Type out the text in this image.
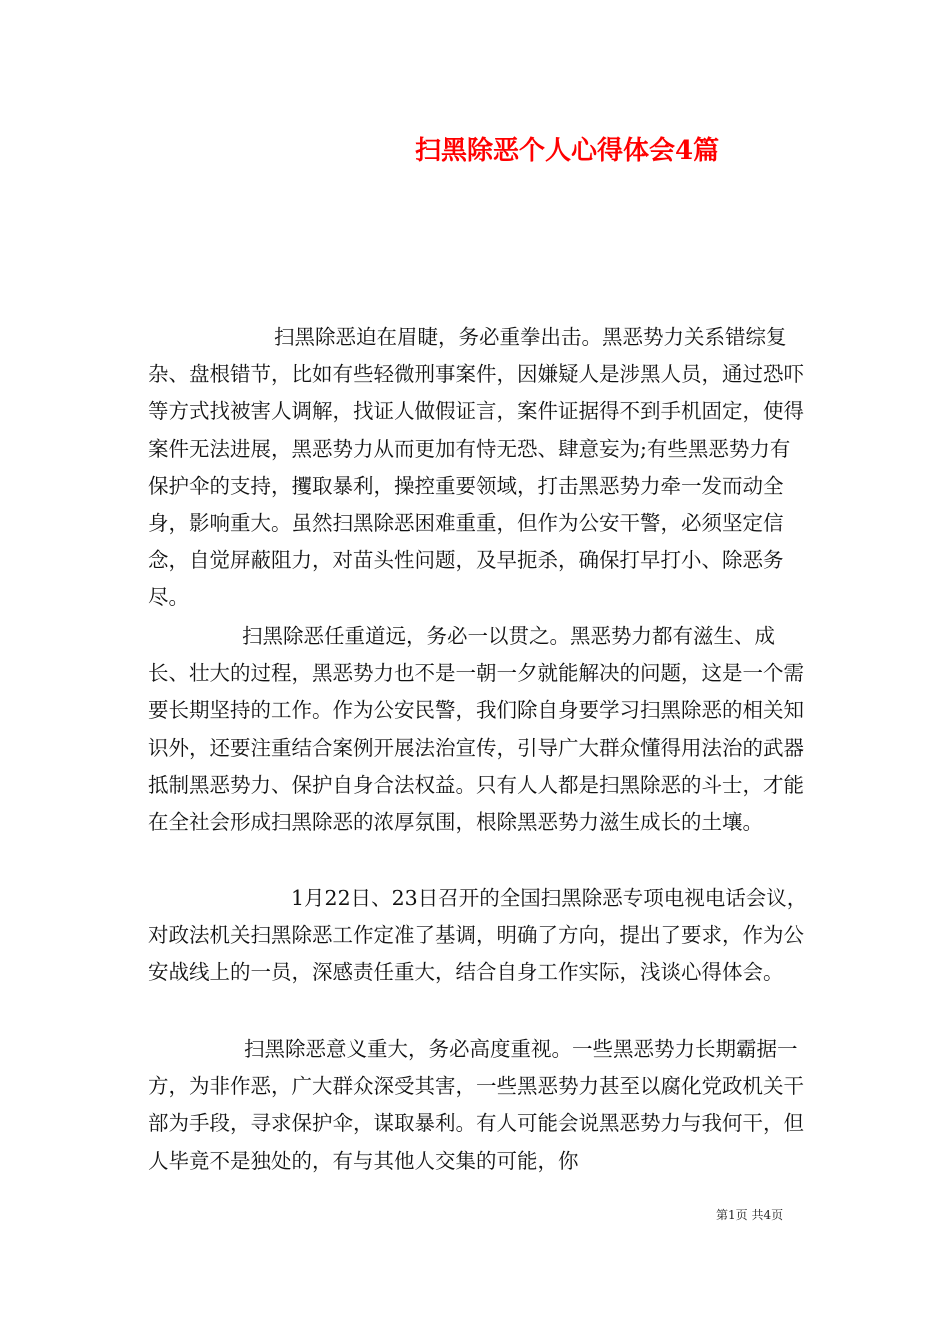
扫黑除恶个人心得体会4篇

扫黑除恶迫在眉睫，务必重拳出击。黑恶势力关系错综复杂、盘根错节，比如有些轻微刑事案件，因嫌疑人是涉黑人员，通过恐吓等方式找被害人调解，找证人做假证言，案件证据得不到手机固定，使得案件无法进展，黑恶势力从而更加有恃无恐、肆意妄为;有些黑恶势力有保护伞的支持，攫取暴利，操控重要领域，打击黑恶势力牵一发而动全身，影响重大。虽然扫黑除恶困难重重，但作为公安干警，必须坚定信念，自觉屏蔽阻力，对苗头性问题，及早扼杀，确保打早打小、除恶务尽。

扫黑除恶任重道远，务必一以贯之。黑恶势力都有滋生、成长、壮大的过程，黑恶势力也不是一朝一夕就能解决的问题，这是一个需要长期坚持的工作。作为公安民警，我们除自身要学习扫黑除恶的相关知识外，还要注重结合案例开展法治宣传，引导广大群众懂得用法治的武器抵制黑恶势力、保护自身合法权益。只有人人都是扫黑除恶的斗士，才能在全社会形成扫黑除恶的浓厚氛围，根除黑恶势力滋生成长的土壤。

1月22日、23日召开的全国扫黑除恶专项电视电话会议，对政法机关扫黑除恶工作定准了基调，明确了方向，提出了要求，作为公安战线上的一员，深感责任重大，结合自身工作实际，浅谈心得体会。

扫黑除恶意义重大，务必高度重视。一些黑恶势力长期霸据一方，为非作恶，广大群众深受其害，一些黑恶势力甚至以腐化党政机关干部为手段，寻求保护伞，谋取暴利。有人可能会说黑恶势力与我何干，但人毕竟不是独处的，有与其他人交集的可能，你

第1页 共4页
